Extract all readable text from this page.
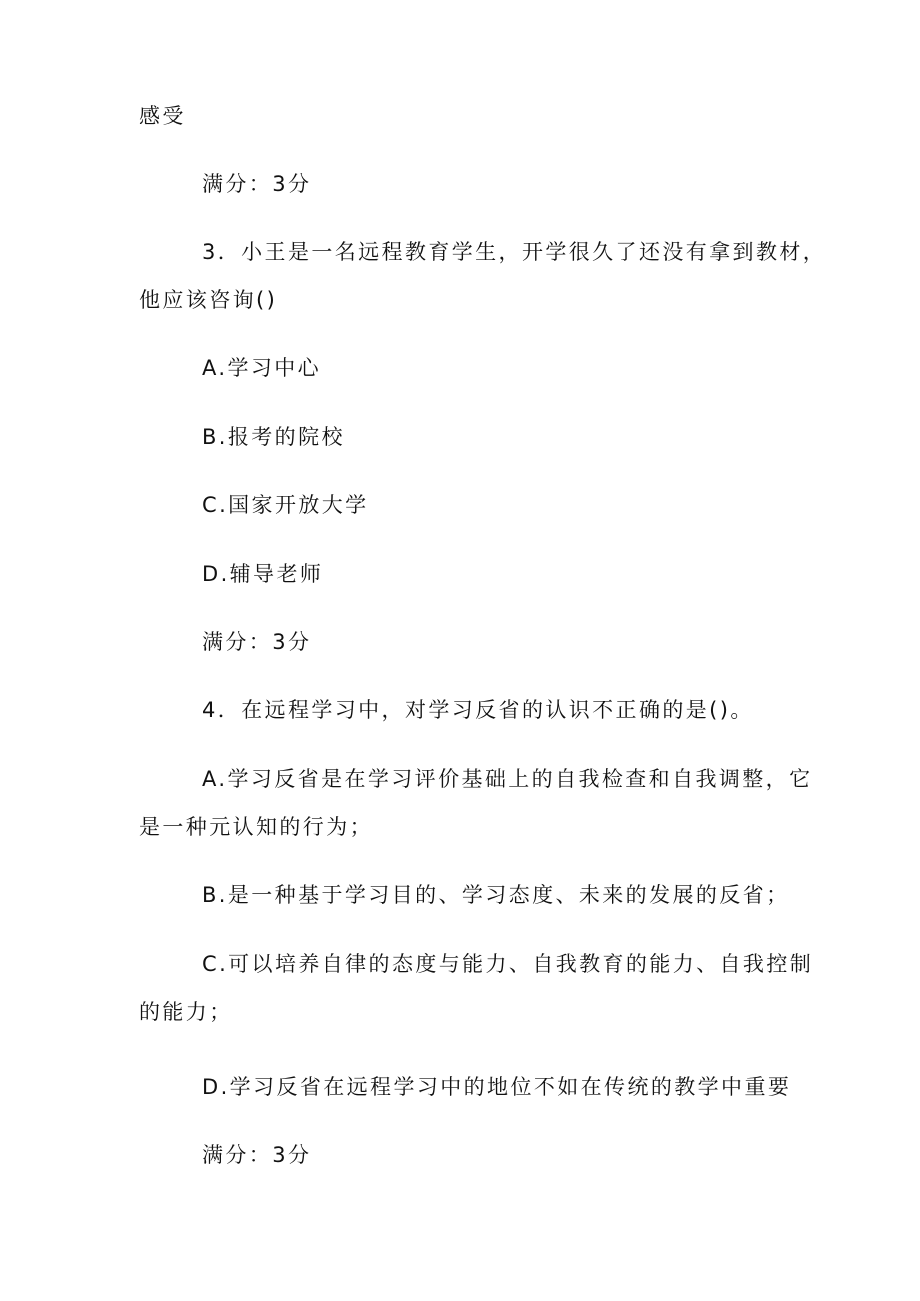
感受
满分：3分
3．小王是一名远程教育学生，开学很久了还没有拿到教材，
他应该咨询()
A.学习中心
B.报考的院校
C.国家开放大学
D.辅导老师
满分：3分
4．在远程学习中，对学习反省的认识不正确的是()。
A.学习反省是在学习评价基础上的自我检查和自我调整，它
是一种元认知的行为；
B.是一种基于学习目的、学习态度、未来的发展的反省；
C.可以培养自律的态度与能力、自我教育的能力、自我控制
的能力；
D.学习反省在远程学习中的地位不如在传统的教学中重要
满分：3分
